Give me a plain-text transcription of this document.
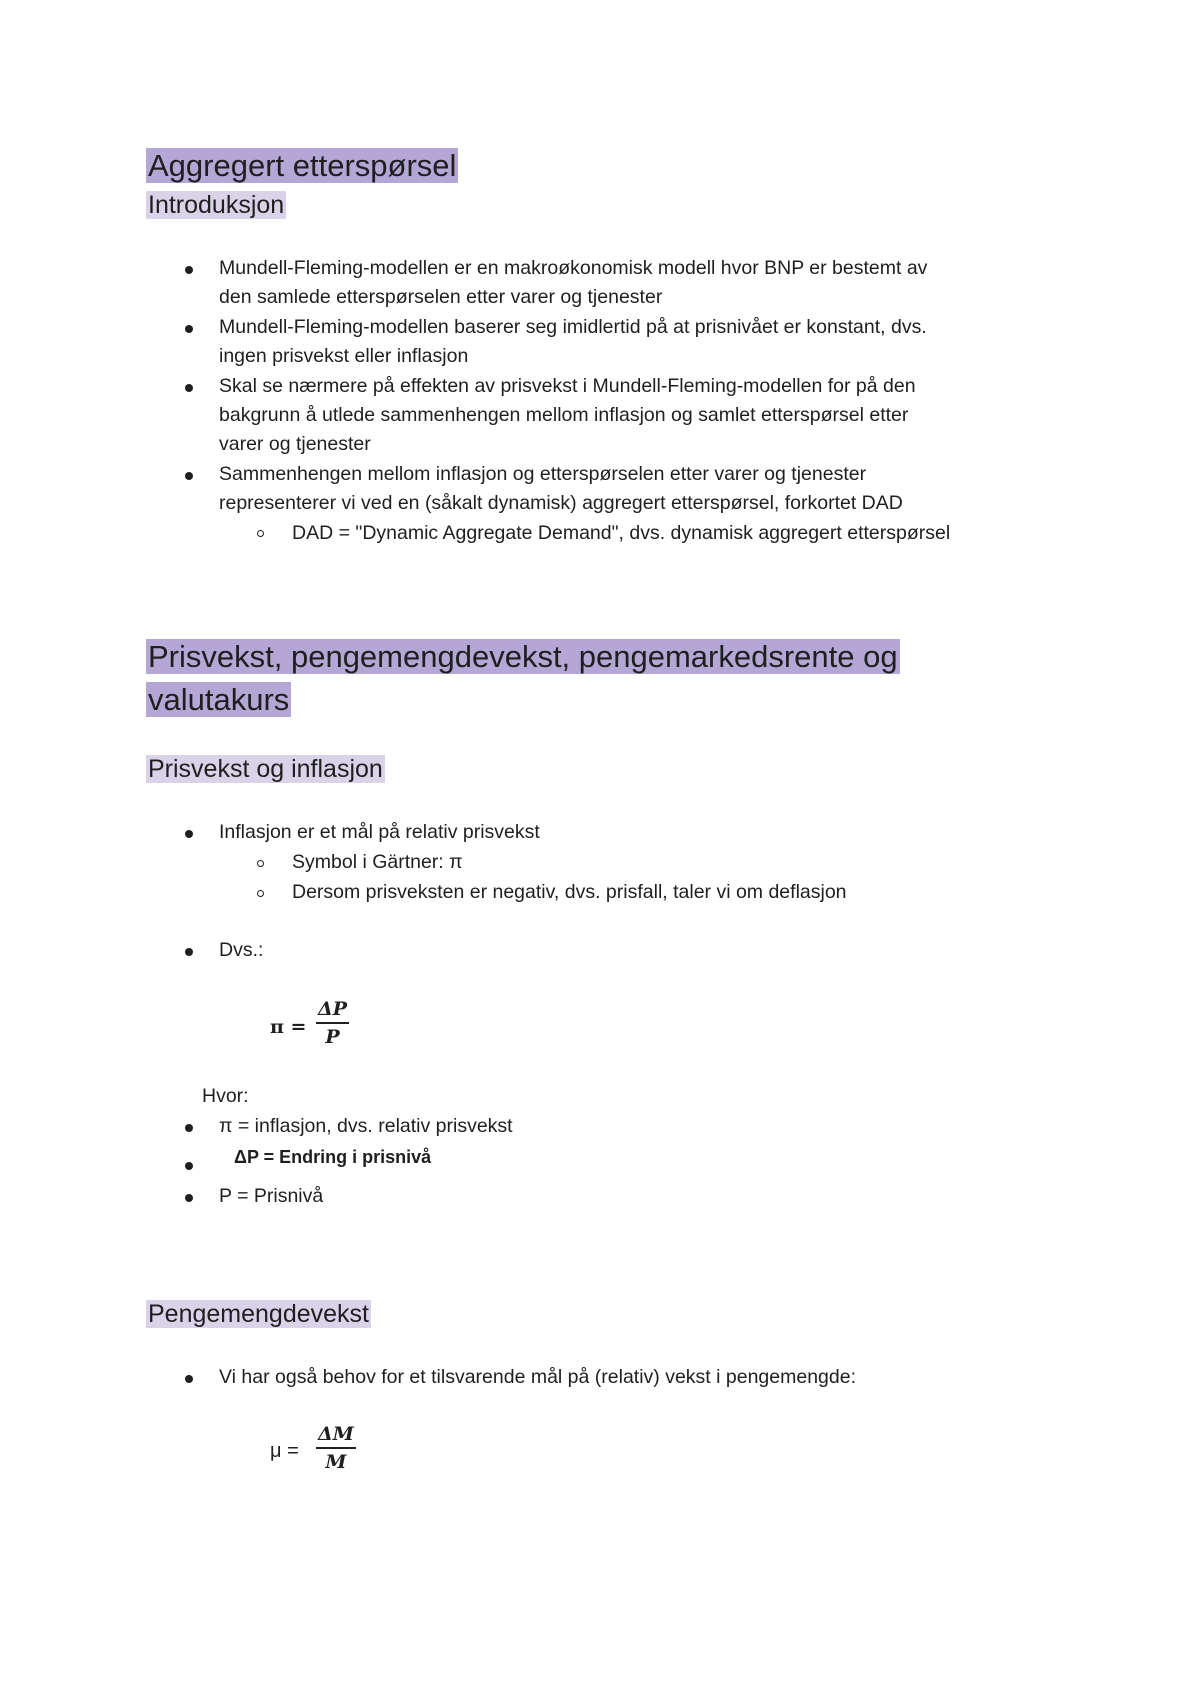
Aggregert etterspørsel
Introduksjon
Mundell-Fleming-modellen er en makroøkonomisk modell hvor BNP er bestemt av
den samlede etterspørselen etter varer og tjenester
Mundell-Fleming-modellen baserer seg imidlertid på at prisnivået er konstant, dvs.
ingen prisvekst eller inflasjon
Skal se nærmere på effekten av prisvekst i Mundell-Fleming-modellen for på den
bakgrunn å utlede sammenhengen mellom inflasjon og samlet etterspørsel etter
varer og tjenester
Sammenhengen mellom inflasjon og etterspørselen etter varer og tjenester
representerer vi ved en (såkalt dynamisk) aggregert etterspørsel, forkortet DAD
DAD = "Dynamic Aggregate Demand", dvs. dynamisk aggregert etterspørsel
Prisvekst, pengemengdevekst, pengemarkedsrente og
valutakurs
Prisvekst og inflasjon
Inflasjon er et mål på relativ prisvekst
Symbol i Gärtner: π
Dersom prisveksten er negativ, dvs. prisfall, taler vi om deflasjon
Dvs.:
π =
ΔP
P
Hvor:
π = inflasjon, dvs. relativ prisvekst
ΔP = Endring i prisnivå
P = Prisnivå
Pengemengdevekst
Vi har også behov for et tilsvarende mål på (relativ) vekst i pengemengde:
μ =
ΔM
M
